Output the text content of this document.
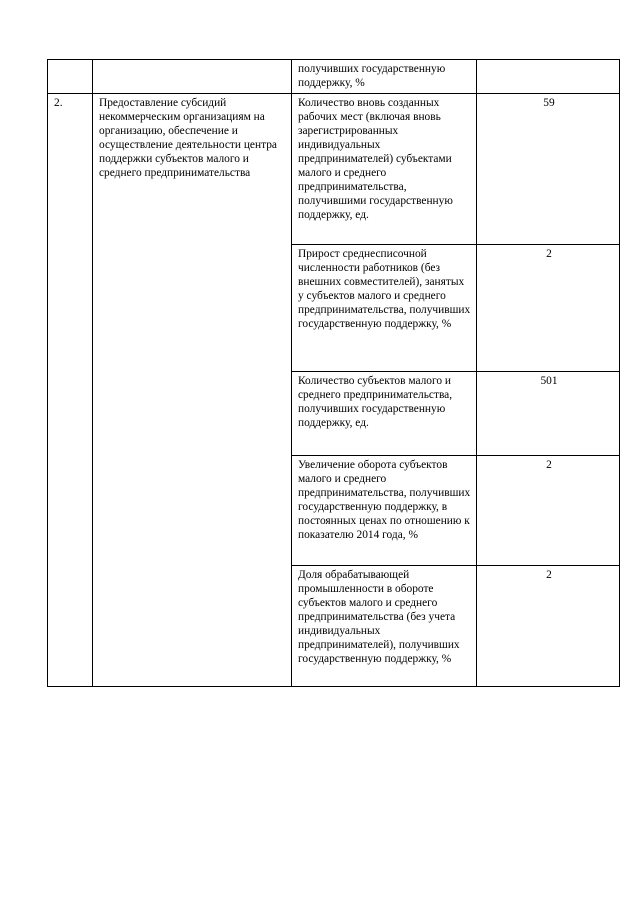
		получивших государственную поддержку, %	
2.	Предоставление субсидий некоммерческим организациям на организацию, обеспечение и осуществление деятельности центра поддержки субъектов малого и среднего предпринимательства	Количество вновь созданных рабочих мест (включая вновь зарегистрированных индивидуальных предпринимателей) субъектами малого и среднего предпринимательства, получившими государственную поддержку, ед.	59
		Прирост среднесписочной численности работников (без внешних совместителей), занятых у субъектов малого и среднего предпринимательства, получивших государственную поддержку, %	2
		Количество субъектов малого и среднего предпринимательства, получивших государственную поддержку, ед.	501
		Увеличение оборота субъектов малого и среднего предпринимательства, получивших государственную поддержку, в постоянных ценах по отношению к показателю 2014 года, %	2
		Доля обрабатывающей промышленности в обороте субъектов малого и среднего предпринимательства (без учета индивидуальных предпринимателей), получивших государственную поддержку, %	2
